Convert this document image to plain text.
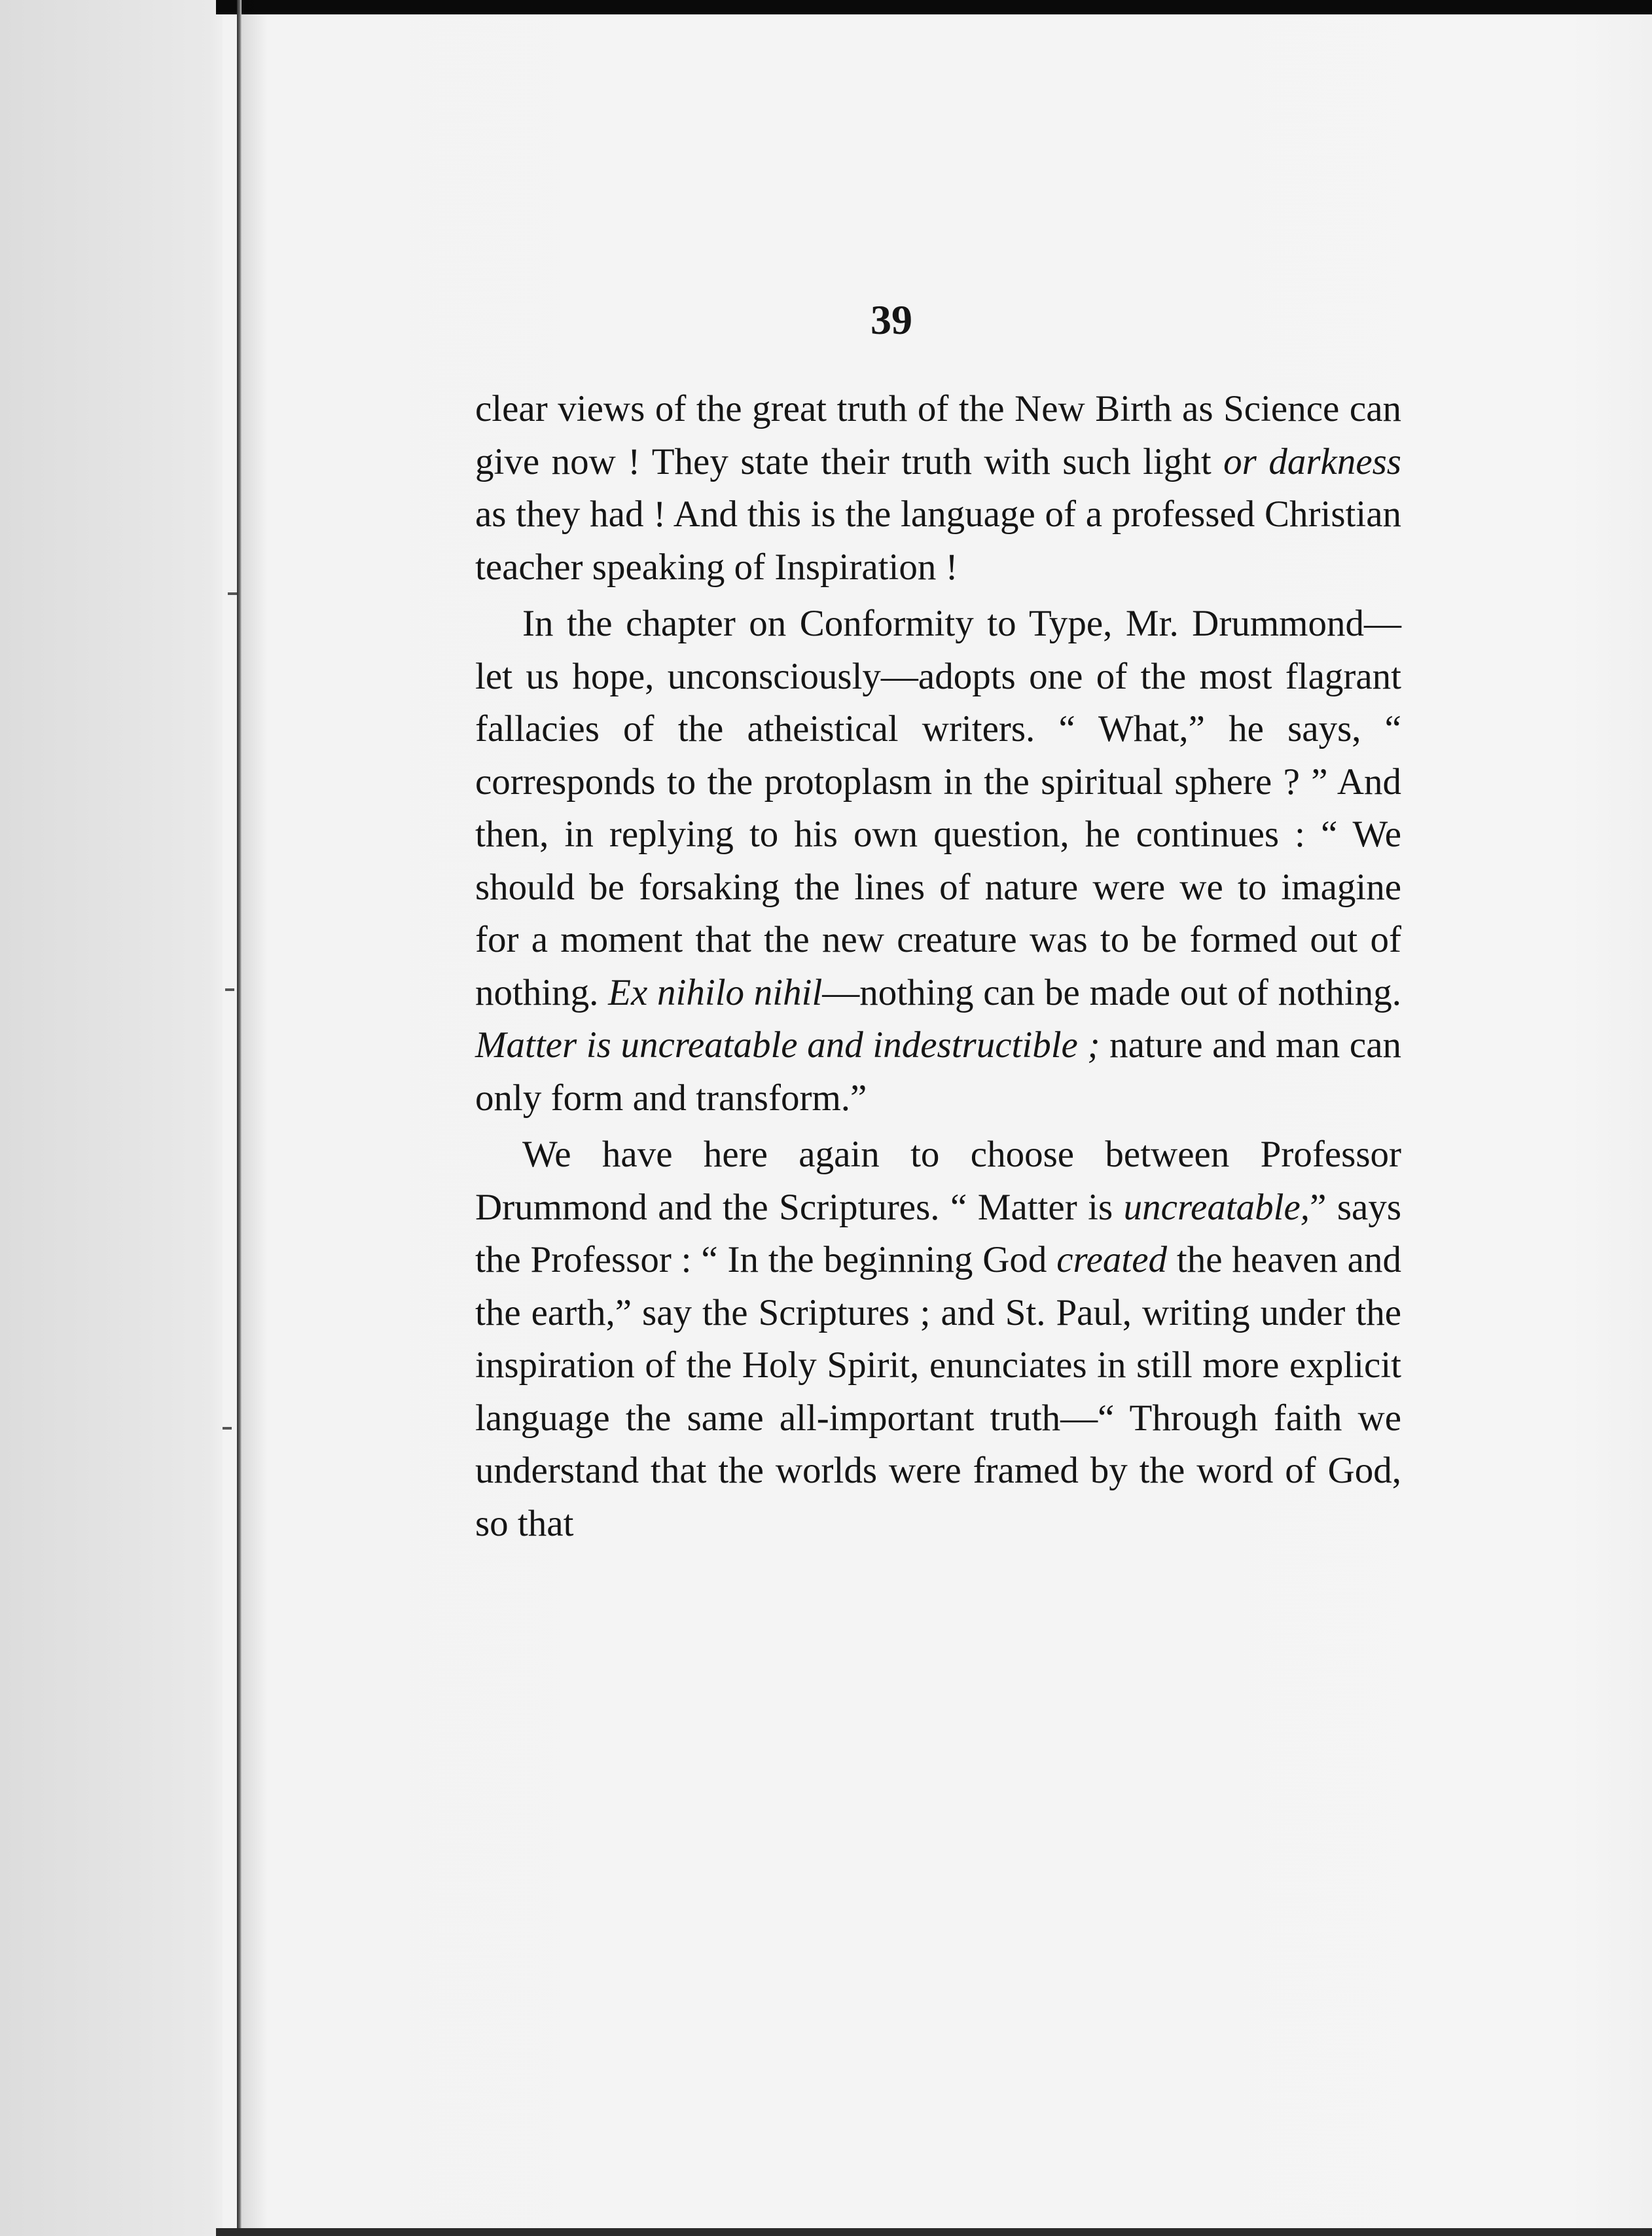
39

clear views of the great truth of the New Birth as Science can give now ! They state their truth with such light or darkness as they had ! And this is the language of a professed Christian teacher speaking of Inspiration !

In the chapter on Conformity to Type, Mr. Drummond—let us hope, unconsciously—adopts one of the most flagrant fallacies of the atheistical writers. “ What,” he says, “ corresponds to the protoplasm in the spiritual sphere ? ” And then, in replying to his own question, he continues : “ We should be forsaking the lines of nature were we to imagine for a moment that the new creature was to be formed out of nothing. Ex nihilo nihil—nothing can be made out of nothing. Matter is uncreatable and indestructible ; nature and man can only form and transform.”

We have here again to choose between Professor Drummond and the Scriptures. “ Matter is uncreatable,” says the Professor : “ In the beginning God created the heaven and the earth,” say the Scriptures ; and St. Paul, writing under the inspiration of the Holy Spirit, enunciates in still more explicit language the same all-important truth—“ Through faith we understand that the worlds were framed by the word of God, so that
